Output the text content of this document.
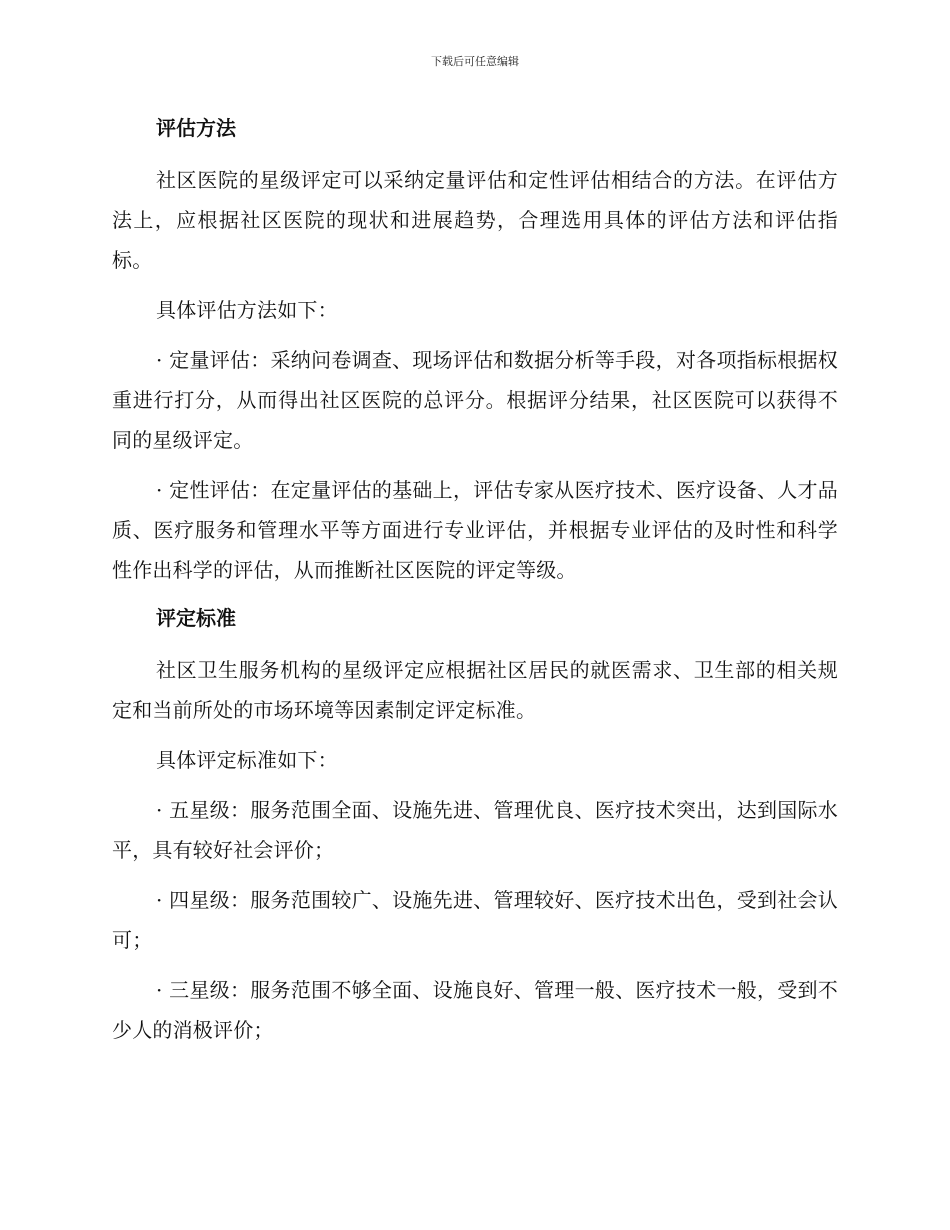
下载后可任意编辑
评估方法

社区医院的星级评定可以采纳定量评估和定性评估相结合的方法。在评估方法上，应根据社区医院的现状和进展趋势，合理选用具体的评估方法和评估指标。

具体评估方法如下：

· 定量评估：采纳问卷调查、现场评估和数据分析等手段，对各项指标根据权重进行打分，从而得出社区医院的总评分。根据评分结果，社区医院可以获得不同的星级评定。

· 定性评估：在定量评估的基础上，评估专家从医疗技术、医疗设备、人才品质、医疗服务和管理水平等方面进行专业评估，并根据专业评估的及时性和科学性作出科学的评估，从而推断社区医院的评定等级。

评定标准

社区卫生服务机构的星级评定应根据社区居民的就医需求、卫生部的相关规定和当前所处的市场环境等因素制定评定标准。

具体评定标准如下：

· 五星级：服务范围全面、设施先进、管理优良、医疗技术突出，达到国际水平，具有较好社会评价；

· 四星级：服务范围较广、设施先进、管理较好、医疗技术出色，受到社会认可；

· 三星级：服务范围不够全面、设施良好、管理一般、医疗技术一般，受到不少人的消极评价；
